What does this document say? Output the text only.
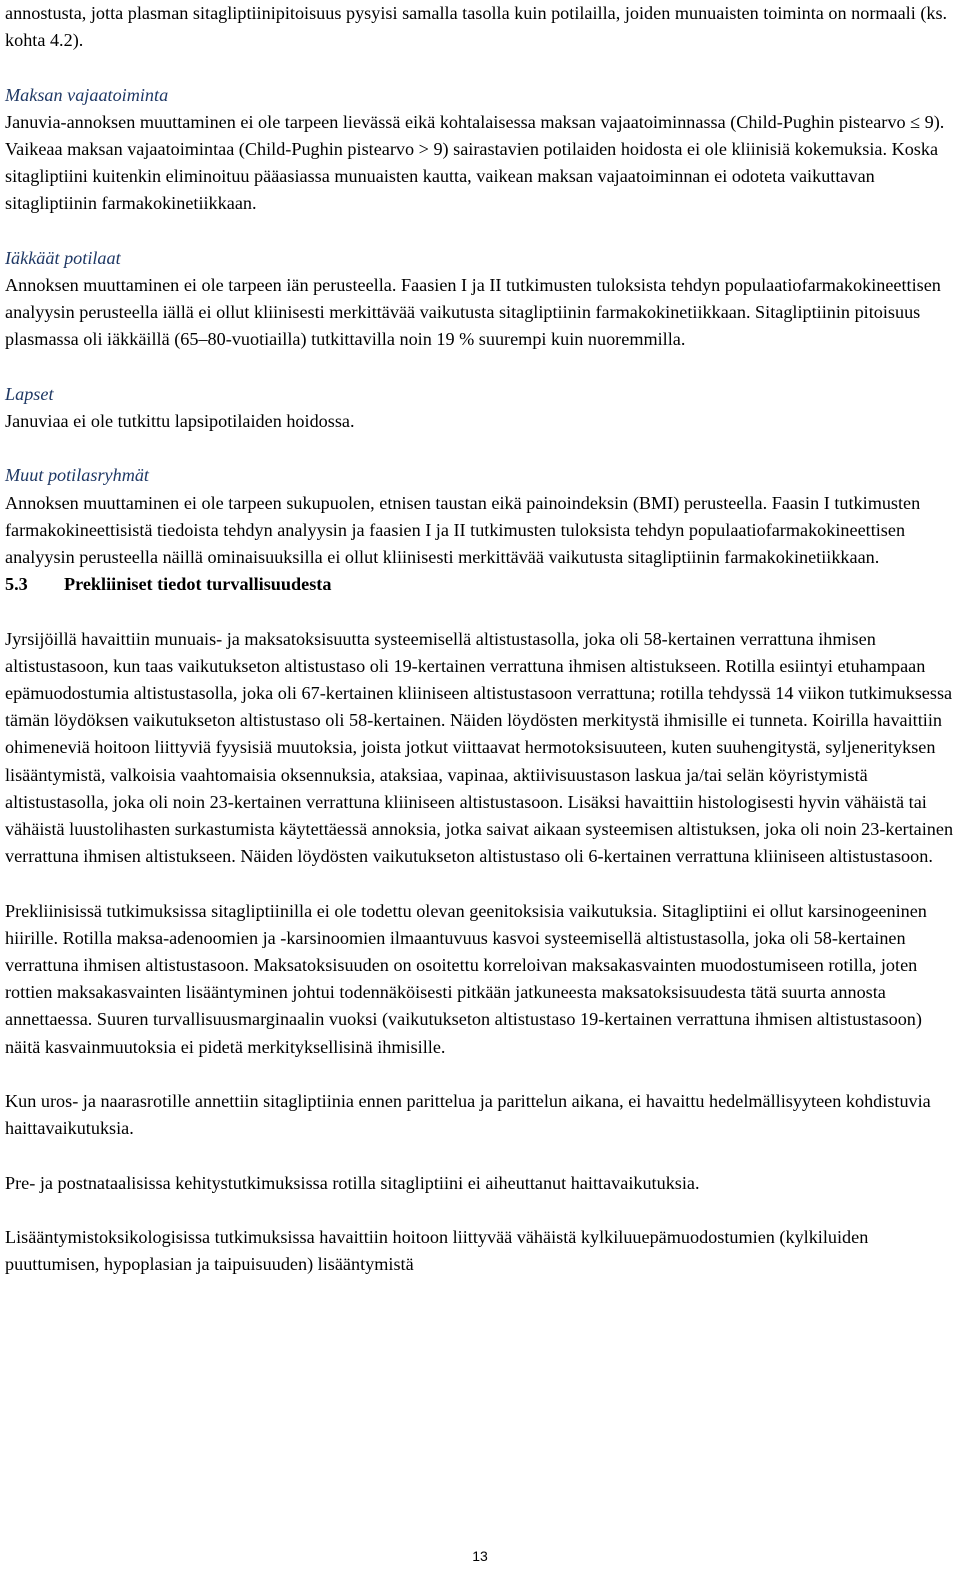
annostusta, jotta plasman sitagliptiinipitoisuus pysyisi samalla tasolla kuin potilailla, joiden munuaisten toiminta on normaali (ks. kohta 4.2).

Maksan vajaatoiminta

Januvia-annoksen muuttaminen ei ole tarpeen lievässä eikä kohtalaisessa maksan vajaatoiminnassa (Child-Pughin pistearvo ≤ 9). Vaikeaa maksan vajaatoimintaa (Child-Pughin pistearvo > 9) sairastavien potilaiden hoidosta ei ole kliinisiä kokemuksia. Koska sitagliptiini kuitenkin eliminoituu pääasiassa munuaisten kautta, vaikean maksan vajaatoiminnan ei odoteta vaikuttavan sitagliptiinin farmakokinetiikkaan.

Iäkkäät potilaat

Annoksen muuttaminen ei ole tarpeen iän perusteella. Faasien I ja II tutkimusten tuloksista tehdyn populaatiofarmakokineettisen analyysin perusteella iällä ei ollut kliinisesti merkittävää vaikutusta sitagliptiinin farmakokinetiikkaan. Sitagliptiinin pitoisuus plasmassa oli iäkkäillä (65–80-vuotiailla) tutkittavilla noin 19 % suurempi kuin nuoremmilla.

Lapset

Januviaa ei ole tutkittu lapsipotilaiden hoidossa.

Muut potilasryhmät

Annoksen muuttaminen ei ole tarpeen sukupuolen, etnisen taustan eikä painoindeksin (BMI) perusteella. Faasin I tutkimusten farmakokineettisistä tiedoista tehdyn analyysin ja faasien I ja II tutkimusten tuloksista tehdyn populaatiofarmakokineettisen analyysin perusteella näillä ominaisuuksilla ei ollut kliinisesti merkittävää vaikutusta sitagliptiinin farmakokinetiikkaan.

5.3 Prekliiniset tiedot turvallisuudesta

Jyrsijöillä havaittiin munuais- ja maksatoksisuutta systeemisellä altistustasolla, joka oli 58-kertainen verrattuna ihmisen altistustasoon, kun taas vaikutukseton altistustaso oli 19-kertainen verrattuna ihmisen altistukseen. Rotilla esiintyi etuhampaan epämuodostumia altistustasolla, joka oli 67-kertainen kliiniseen altistustasoon verrattuna; rotilla tehdyssä 14 viikon tutkimuksessa tämän löydöksen vaikutukseton altistustaso oli 58-kertainen. Näiden löydösten merkitystä ihmisille ei tunneta. Koirilla havaittiin ohimeneviä hoitoon liittyviä fyysisiä muutoksia, joista jotkut viittaavat hermotoksisuuteen, kuten suuhengitystä, syljenerityksen lisääntymistä, valkoisia vaahtomaisia oksennuksia, ataksiaa, vapinaa, aktiivisuustason laskua ja/tai selän köyristymistä altistustasolla, joka oli noin 23-kertainen verrattuna kliiniseen altistustasoon. Lisäksi havaittiin histologisesti hyvin vähäistä tai vähäistä luustolihasten surkastumista käytettäessä annoksia, jotka saivat aikaan systeemisen altistuksen, joka oli noin 23-kertainen verrattuna ihmisen altistukseen. Näiden löydösten vaikutukseton altistustaso oli 6-kertainen verrattuna kliiniseen altistustasoon.

Prekliinisissä tutkimuksissa sitagliptiinilla ei ole todettu olevan geenitoksisia vaikutuksia. Sitagliptiini ei ollut karsinogeeninen hiirille. Rotilla maksa-adenoomien ja -karsinoomien ilmaantuvuus kasvoi systeemisellä altistustasolla, joka oli 58-kertainen verrattuna ihmisen altistustasoon. Maksatoksisuuden on osoitettu korreloivan maksakasvainten muodostumiseen rotilla, joten rottien maksakasvainten lisääntyminen johtui todennäköisesti pitkään jatkuneesta maksatoksisuudesta tätä suurta annosta annettaessa. Suuren turvallisuusmarginaalin vuoksi (vaikutukseton altistustaso 19-kertainen verrattuna ihmisen altistustasoon) näitä kasvainmuutoksia ei pidetä merkityksellisinä ihmisille.

Kun uros- ja naarasrotille annettiin sitagliptiinia ennen parittelua ja parittelun aikana, ei havaittu hedelmällisyyteen kohdistuvia haittavaikutuksia.

Pre- ja postnataalisissa kehitystutkimuksissa rotilla sitagliptiini ei aiheuttanut haittavaikutuksia.

Lisääntymistoksikologisissa tutkimuksissa havaittiin hoitoon liittyvää vähäistä kylkiluuepämuodostumien (kylkiluiden puuttumisen, hypoplasian ja taipuisuuden) lisääntymistä

13
